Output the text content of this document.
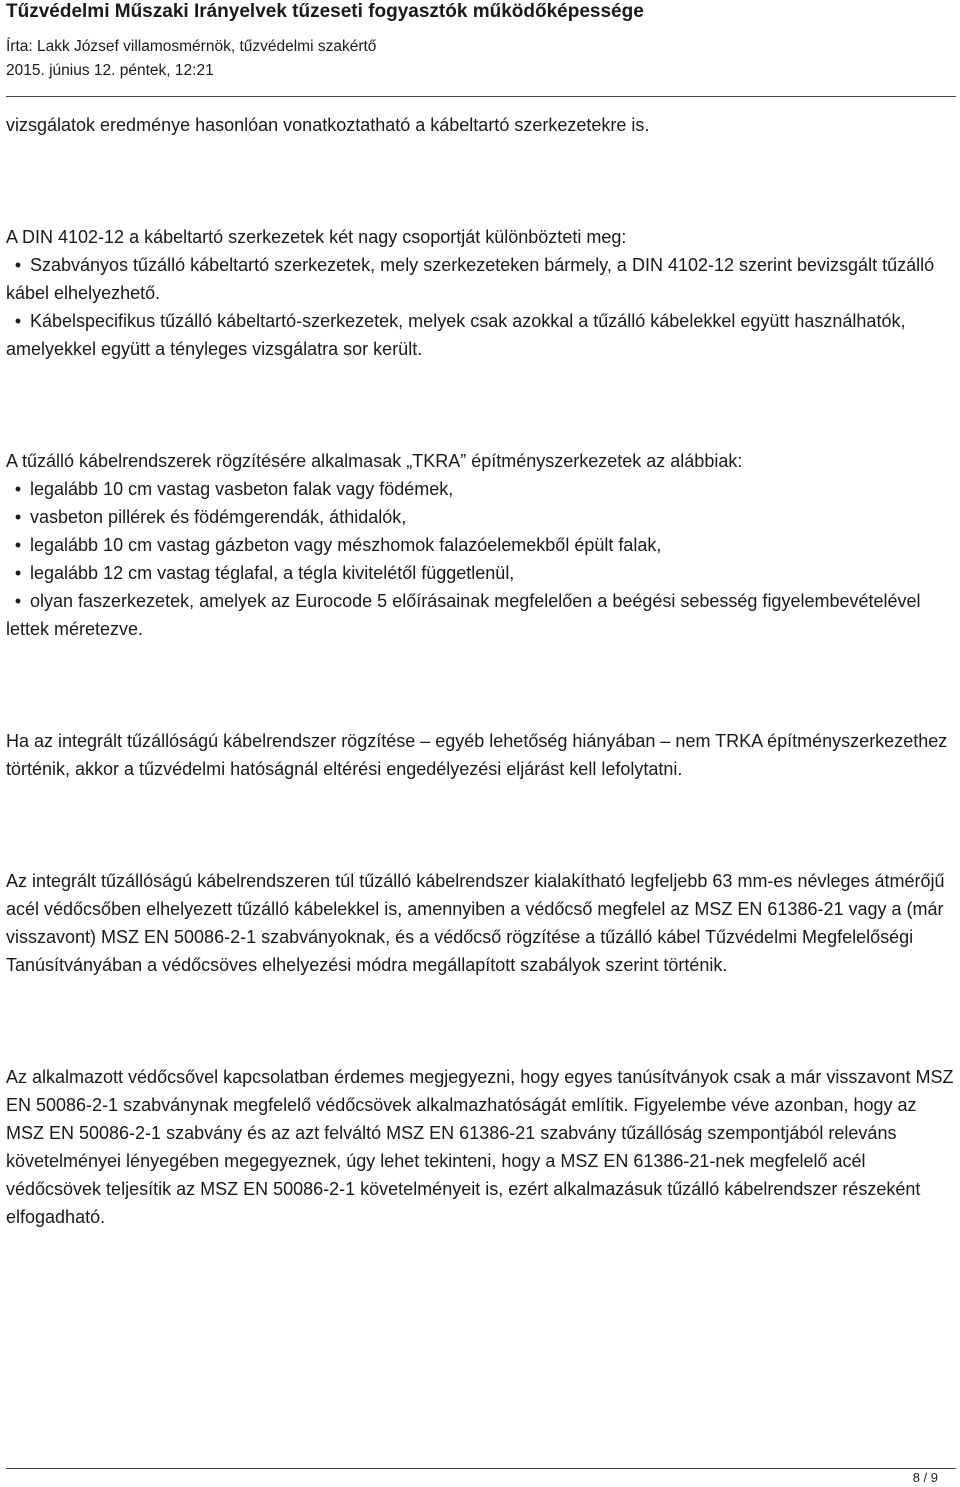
Tűzvédelmi Műszaki Irányelvek tűzeseti fogyasztók működőképessége

Írta: Lakk József villamosmérnök, tűzvédelmi szakértő

2015. június 12. péntek, 12:21

vizsgálatok eredménye hasonlóan vonatkoztatható a kábeltartó szerkezetekre is.

A DIN 4102-12 a kábeltartó szerkezetek két nagy csoportját különbözteti meg:

• Szabványos tűzálló kábeltartó szerkezetek, mely szerkezeteken bármely, a DIN 4102-12 szerint bevizsgált tűzálló kábel elhelyezhető.

• Kábelspecifikus tűzálló kábeltartó-szerkezetek, melyek csak azokkal a tűzálló kábelekkel együtt használhatók, amelyekkel együtt a tényleges vizsgálatra sor került.

A tűzálló kábelrendszerek rögzítésére alkalmasak „TKRA” építményszerkezetek az alábbiak:

• legalább 10 cm vastag vasbeton falak vagy födémek,

• vasbeton pillérek és födémgerendák, áthidalók,

• legalább 10 cm vastag gázbeton vagy mészhomok falazóelemekből épült falak,

• legalább 12 cm vastag téglafal, a tégla kivitelétől függetlenül,

• olyan faszerkezetek, amelyek az Eurocode 5 előírásainak megfelelően a beégési sebesség figyelembevételével lettek méretezve.

Ha az integrált tűzállóságú kábelrendszer rögzítése – egyéb lehetőség hiányában – nem TRKA építményszerkezethez történik, akkor a tűzvédelmi hatóságnál eltérési engedélyezési eljárást kell lefolytatni.

Az integrált tűzállóságú kábelrendszeren túl tűzálló kábelrendszer kialakítható legfeljebb 63 mm-es névleges átmérőjű acél védőcsőben elhelyezett tűzálló kábelekkel is, amennyiben a védőcső megfelel az MSZ EN 61386-21 vagy a (már visszavont) MSZ EN 50086-2-1 szabványoknak, és a védőcső rögzítése a tűzálló kábel Tűzvédelmi Megfelelőségi Tanúsítványában a védőcsöves elhelyezési módra megállapított szabályok szerint történik.

Az alkalmazott védőcsővel kapcsolatban érdemes megjegyezni, hogy egyes tanúsítványok csak a már visszavont MSZ EN 50086-2-1 szabványnak megfelelő védőcsövek alkalmazhatóságát említik. Figyelembe véve azonban, hogy az MSZ EN 50086-2-1 szabvány és az azt felváltó MSZ EN 61386-21 szabvány tűzállóság szempontjából releváns követelményei lényegében megegyeznek, úgy lehet tekinteni, hogy a MSZ EN 61386-21-nek megfelelő acél védőcsövek teljesítik az MSZ EN 50086-2-1 követelményeit is, ezért alkalmazásuk tűzálló kábelrendszer részeként elfogadható.

8 / 9
